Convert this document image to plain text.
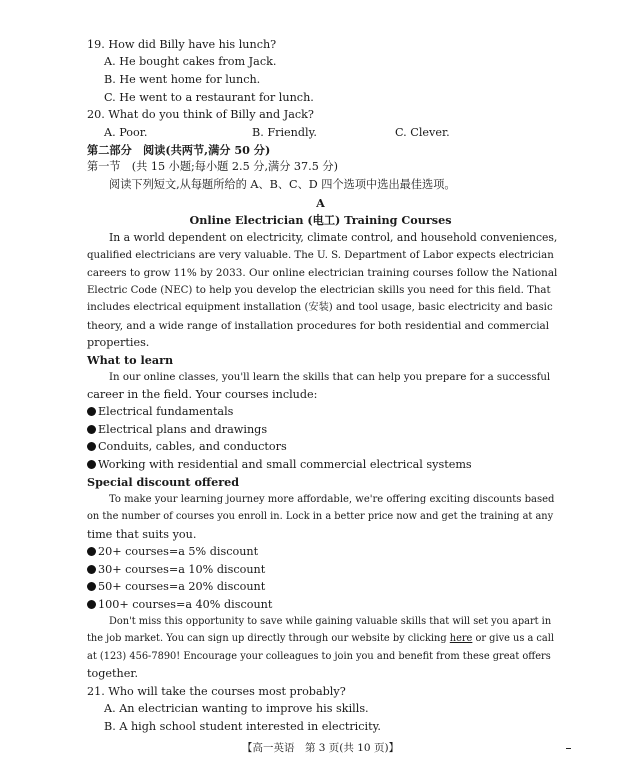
19. How did Billy have his lunch?

A. He bought cakes from Jack.

B. He went home for lunch.

C. He went to a restaurant for lunch.

20. What do you think of Billy and Jack?

A. Poor.	B. Friendly.	C. Clever.

第二部分　阅读(共两节,满分 50 分)

第一节　(共 15 小题;每小题 2.5 分,满分 37.5 分)

阅读下列短文,从每题所给的 A、B、C、D 四个选项中选出最佳选项。

A

Online Electrician (电工) Training Courses

In a world dependent on electricity, climate control, and household conveniences,

qualified electricians are very valuable. The U. S. Department of Labor expects electrician

careers to grow 11% by 2033. Our online electrician training courses follow the National

Electric Code (NEC) to help you develop the electrician skills you need for this field. That

includes electrical equipment installation (安装) and tool usage, basic electricity and basic

theory, and a wide range of installation procedures for both residential and commercial

properties.

What to learn

In our online classes, you'll learn the skills that can help you prepare for a successful

career in the field. Your courses include:

Electrical fundamentals

Electrical plans and drawings

Conduits, cables, and conductors

Working with residential and small commercial electrical systems

Special discount offered

To make your learning journey more affordable, we're offering exciting discounts based

on the number of courses you enroll in. Lock in a better price now and get the training at any

time that suits you.

20+ courses=a 5% discount

30+ courses=a 10% discount

50+ courses=a 20% discount

100+ courses=a 40% discount

Don't miss this opportunity to save while gaining valuable skills that will set you apart in

the job market. You can sign up directly through our website by clicking here or give us a call

at (123) 456-7890! Encourage your colleagues to join you and benefit from these great offers

together.

21. Who will take the courses most probably?

A. An electrician wanting to improve his skills.

B. A high school student interested in electricity.

【高一英语　第 3 页(共 10 页)】
